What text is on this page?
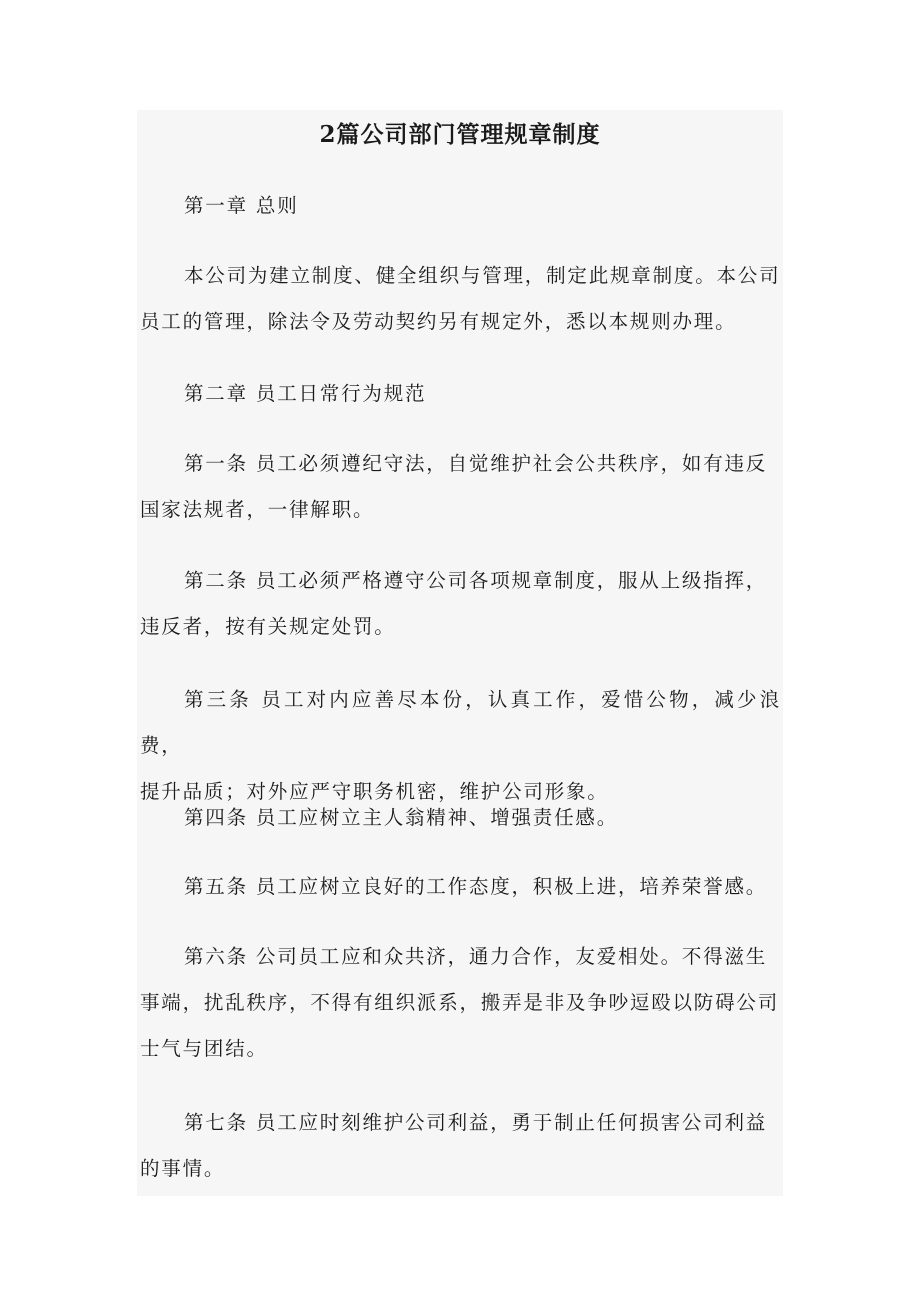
2篇公司部门管理规章制度

第一章 总则

本公司为建立制度、健全组织与管理，制定此规章制度。本公司
员工的管理，除法令及劳动契约另有规定外，悉以本规则办理。

第二章 员工日常行为规范

第一条 员工必须遵纪守法，自觉维护社会公共秩序，如有违反
国家法规者，一律解职。

第二条 员工必须严格遵守公司各项规章制度，服从上级指挥，
违反者，按有关规定处罚。

第三条 员工对内应善尽本份，认真工作，爱惜公物，减少浪费，
提升品质；对外应严守职务机密，维护公司形象。

第四条 员工应树立主人翁精神、增强责任感。

第五条 员工应树立良好的工作态度，积极上进，培养荣誉感。

第六条 公司员工应和众共济，通力合作，友爱相处。不得滋生
事端，扰乱秩序，不得有组织派系，搬弄是非及争吵逗殴以防碍公司
士气与团结。

第七条 员工应时刻维护公司利益，勇于制止任何损害公司利益
的事情。
